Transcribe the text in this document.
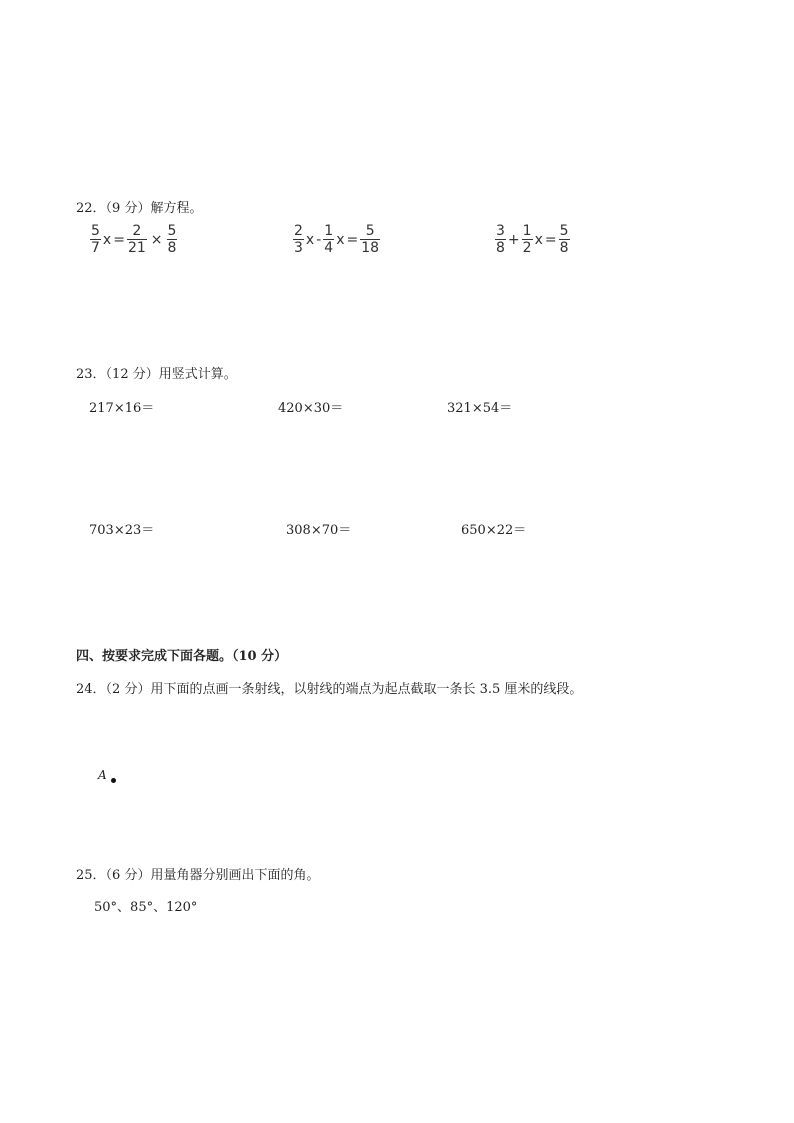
22．（9 分）解方程。
$\frac{5}{7}$ $x = \frac{2}{21} \times \frac{5}{8}$	$\frac{2}{3}$ x - $\frac{1}{4}$ $x = \frac{5}{18}$	$\frac{3}{8} + \frac{1}{2}$ $x = \frac{5}{8}$
23．（12 分）用竖式计算。
217×16＝	420×30＝	321×54＝
703×23＝	308×70＝	650×22＝
四、按要求完成下面各题。（10 分）
24．（2 分）用下面的点画一条射线，以射线的端点为起点截取一条长 3.5 厘米的线段。
A
25．（6 分）用量角器分别画出下面的角。
50°、85°、120°
